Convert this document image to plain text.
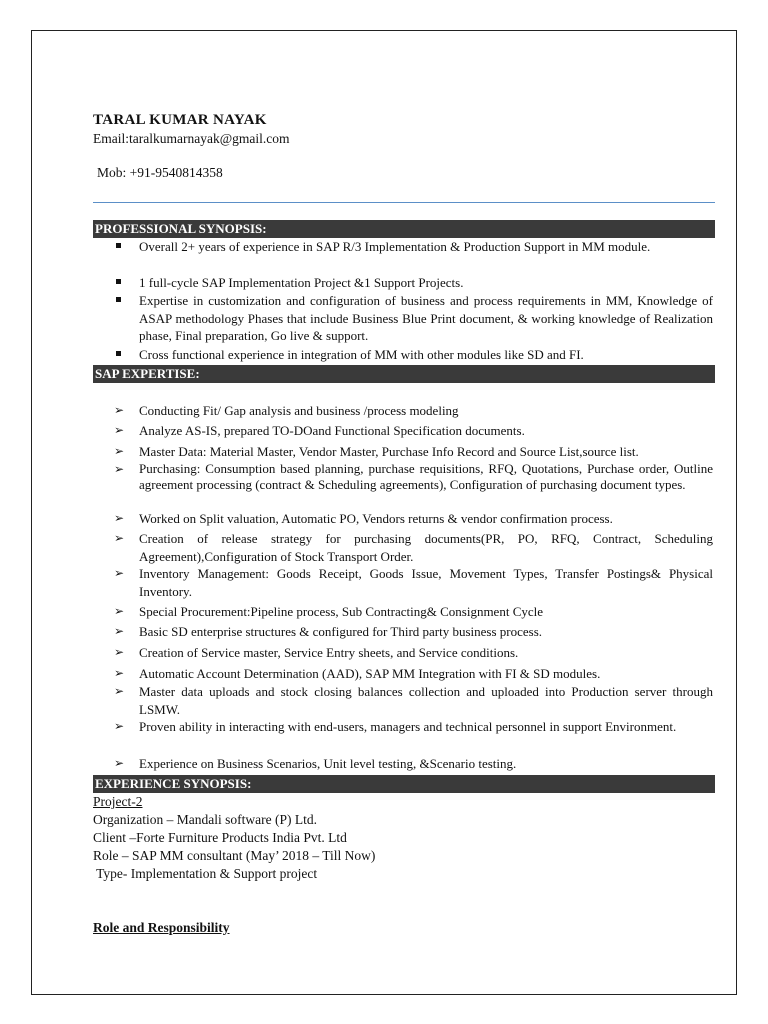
TARAL KUMAR NAYAK
Email:taralkumarnayak@gmail.com
Mob: +91-9540814358
PROFESSIONAL SYNOPSIS:
Overall 2+ years of experience in SAP R/3 Implementation & Production Support in MM module.
1 full-cycle SAP Implementation Project &1 Support Projects.
Expertise in customization and configuration of business and process requirements in MM, Knowledge of ASAP methodology Phases that include Business Blue Print document, & working knowledge of Realization phase, Final preparation, Go live & support.
Cross functional experience in integration of MM with other modules like SD and FI.
SAP EXPERTISE:
➢ Conducting Fit/ Gap analysis and business /process modeling
➢ Analyze AS-IS, prepared TO-DOand Functional Specification documents.
➢ Master Data: Material Master, Vendor Master, Purchase Info Record and Source List,source list.
➢ Purchasing: Consumption based planning, purchase requisitions, RFQ, Quotations, Purchase order, Outline agreement processing (contract & Scheduling agreements), Configuration of purchasing document types.
➢ Worked on Split valuation, Automatic PO, Vendors returns & vendor confirmation process.
➢ Creation of release strategy for purchasing documents(PR, PO, RFQ, Contract, Scheduling Agreement),Configuration of Stock Transport Order.
➢ Inventory Management: Goods Receipt, Goods Issue, Movement Types, Transfer Postings& Physical Inventory.
➢ Special Procurement:Pipeline process, Sub Contracting& Consignment Cycle
➢ Basic SD enterprise structures & configured for Third party business process.
➢ Creation of Service master, Service Entry sheets, and Service conditions.
➢ Automatic Account Determination (AAD), SAP MM Integration with FI & SD modules.
➢ Master data uploads and stock closing balances collection and uploaded into Production server through LSMW.
➢ Proven ability in interacting with end-users, managers and technical personnel in support Environment.
➢ Experience on Business Scenarios, Unit level testing, &Scenario testing.
EXPERIENCE SYNOPSIS:
Project-2
Organization – Mandali software (P) Ltd.
Client –Forte Furniture Products India Pvt. Ltd
Role – SAP MM consultant (May’ 2018 – Till Now)
Type- Implementation & Support project
Role and Responsibility
